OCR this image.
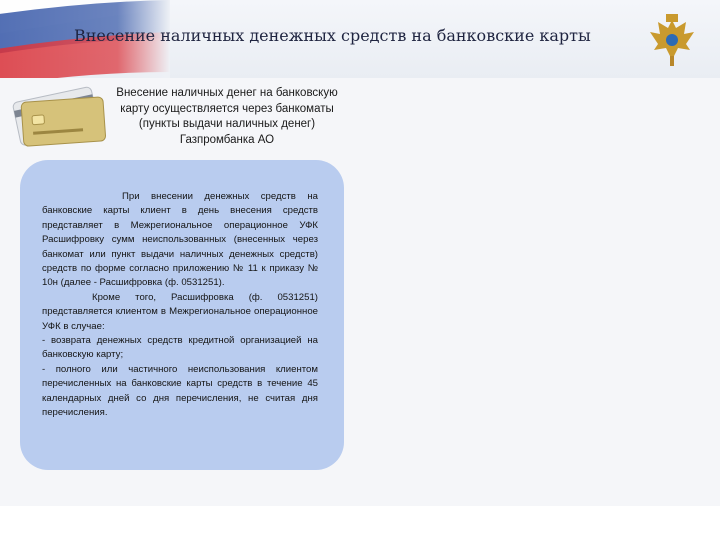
Внесение наличных денежных средств на банковские карты
Внесение наличных денег на банковскую карту осуществляется через банкоматы (пункты выдачи наличных денег) Газпромбанка АО

При внесении денежных средств на банковские карты клиент в день внесения средств представляет в Межрегиональное операционное УФК Расшифровку сумм неиспользованных (внесенных через банкомат или пункт выдачи наличных денежных средств) средств по форме согласно приложению № 11 к приказу № 10н (далее - Расшифровка (ф. 0531251).

Кроме того, Расшифровка (ф. 0531251) представляется клиентом в Межрегиональное операционное УФК в случае:

- возврата денежных средств кредитной организацией на банковскую карту;

- полного или частичного неиспользования клиентом перечисленных на банковские карты средств в течение 45 календарных дней со дня перечисления, не считая дня перечисления.
